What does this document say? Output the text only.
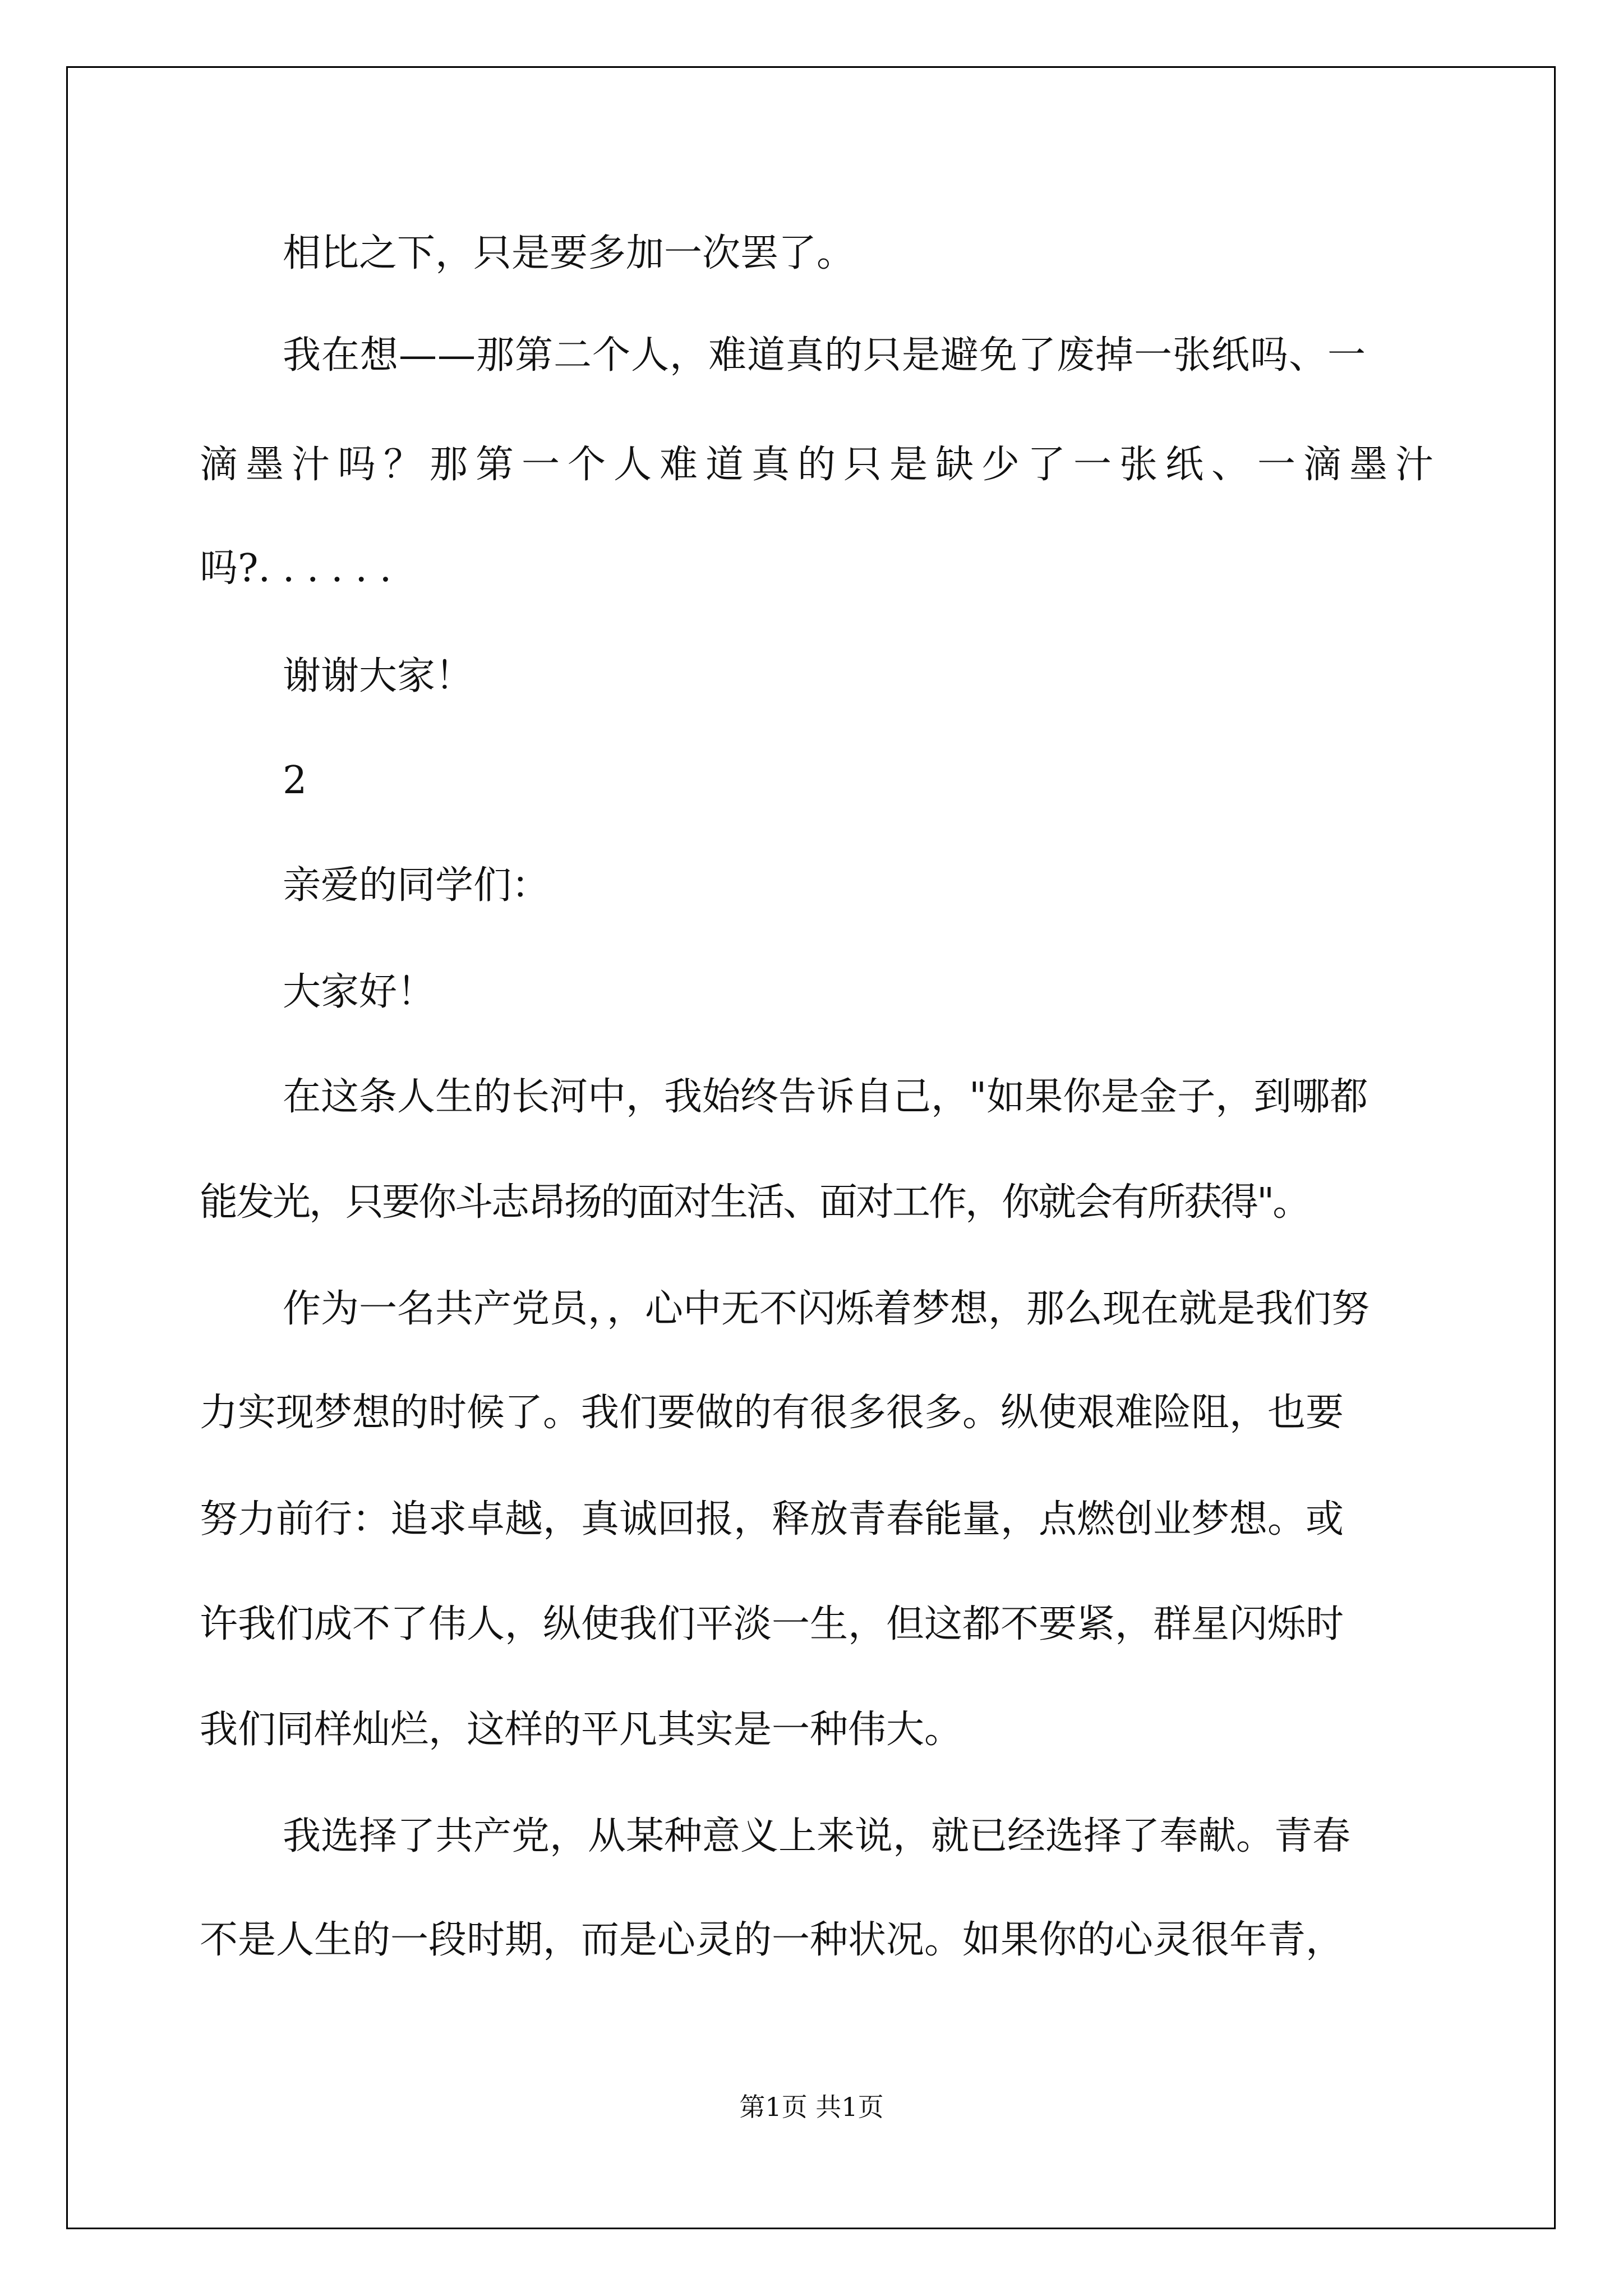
相比之下，只是要多加一次罢了。
我在想——那第二个人，难道真的只是避免了废掉一张纸吗、一
滴墨汁吗？那第一个人难道真的只是缺少了一张纸、一滴墨汁
吗?. . . . . .
谢谢大家！
2
亲爱的同学们：
大家好！
在这条人生的长河中，我始终告诉自己，"如果你是金子，到哪都
能发光，只要你斗志昂扬的面对生活、面对工作，你就会有所获得"。
作为一名共产党员，，心中无不闪烁着梦想，那么现在就是我们努
力实现梦想的时候了。我们要做的有很多很多。纵使艰难险阻，也要
努力前行：追求卓越，真诚回报，释放青春能量，点燃创业梦想。或
许我们成不了伟人，纵使我们平淡一生，但这都不要紧，群星闪烁时
我们同样灿烂，这样的平凡其实是一种伟大。
我选择了共产党，从某种意义上来说，就已经选择了奉献。青春
不是人生的一段时期，而是心灵的一种状况。如果你的心灵很年青，
第1页 共1页
